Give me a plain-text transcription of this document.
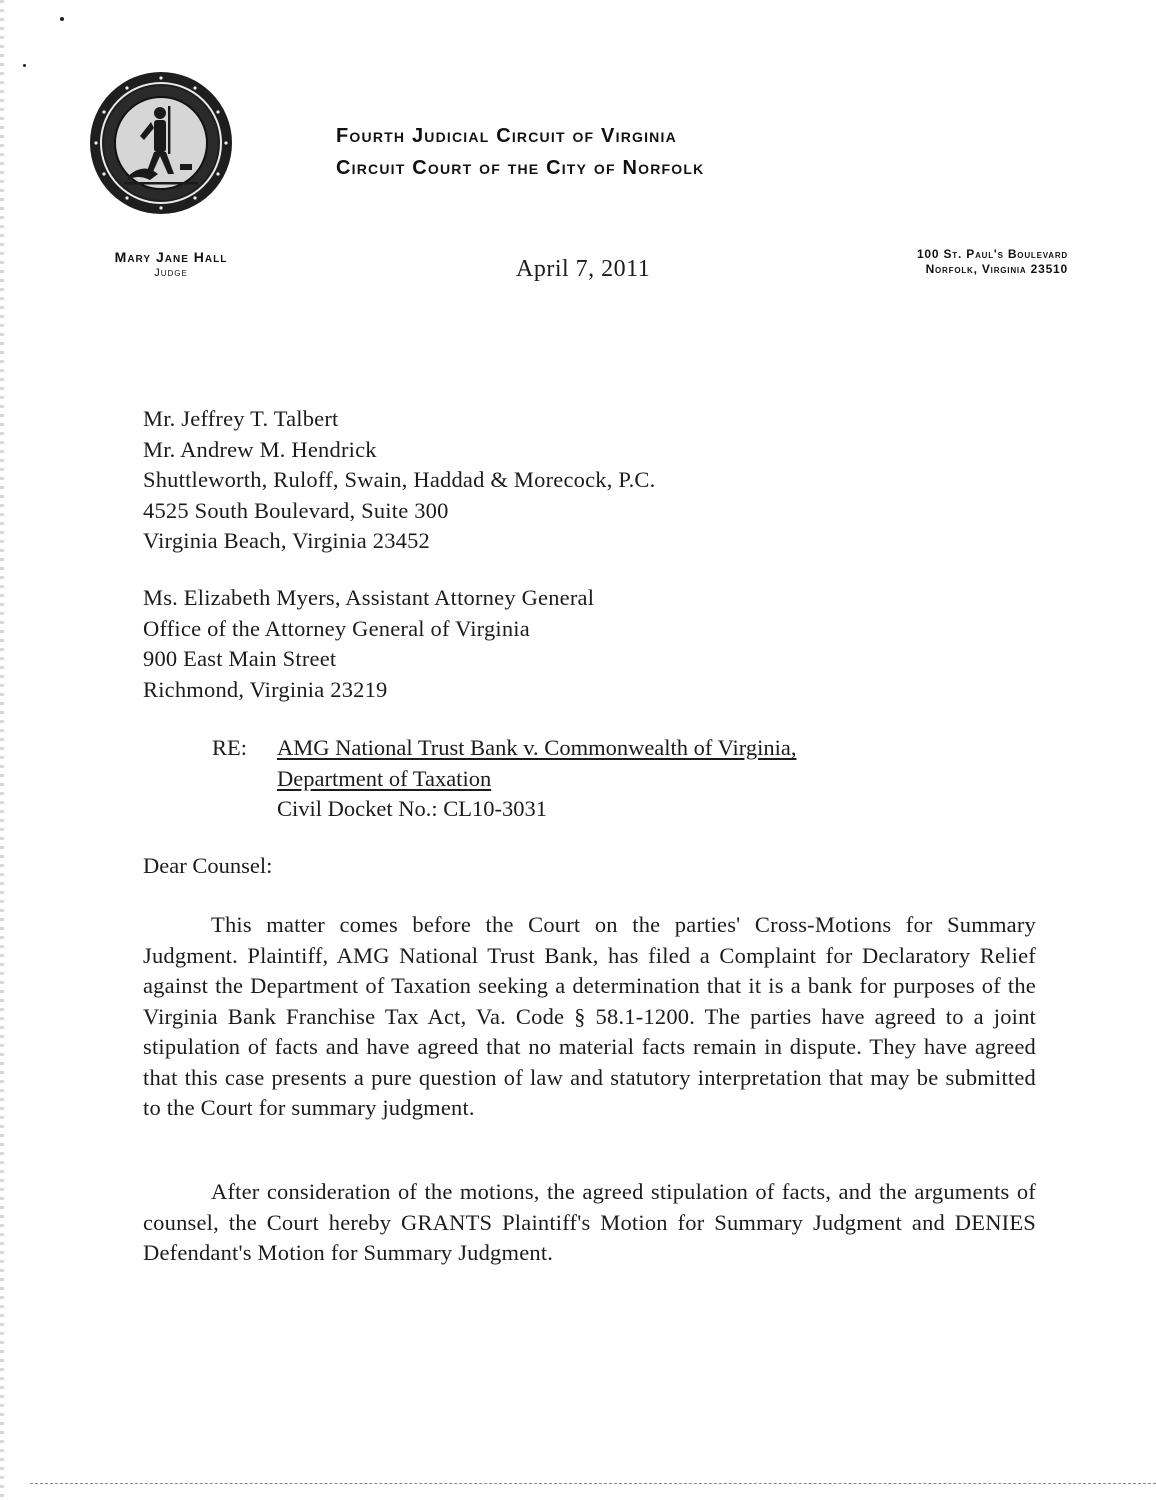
Fourth Judicial Circuit of Virginia
Circuit Court of the City of Norfolk
Mary Jane Hall
Judge	April 7, 2011
100 St. Paul's Boulevard
Norfolk, Virginia 23510
Mr. Jeffrey T. Talbert
Mr. Andrew M. Hendrick
Shuttleworth, Ruloff, Swain, Haddad & Morecock, P.C.
4525 South Boulevard, Suite 300
Virginia Beach, Virginia 23452
Ms. Elizabeth Myers, Assistant Attorney General
Office of the Attorney General of Virginia
900 East Main Street
Richmond, Virginia 23219
RE: AMG National Trust Bank v. Commonwealth of Virginia,
Department of Taxation
Civil Docket No.: CL10-3031
Dear Counsel:

This matter comes before the Court on the parties' Cross-Motions for Summary Judgment. Plaintiff, AMG National Trust Bank, has filed a Complaint for Declaratory Relief against the Department of Taxation seeking a determination that it is a bank for purposes of the Virginia Bank Franchise Tax Act, Va. Code § 58.1-1200. The parties have agreed to a joint stipulation of facts and have agreed that no material facts remain in dispute. They have agreed that this case presents a pure question of law and statutory interpretation that may be submitted to the Court for summary judgment.

After consideration of the motions, the agreed stipulation of facts, and the arguments of counsel, the Court hereby GRANTS Plaintiff's Motion for Summary Judgment and DENIES Defendant's Motion for Summary Judgment.
